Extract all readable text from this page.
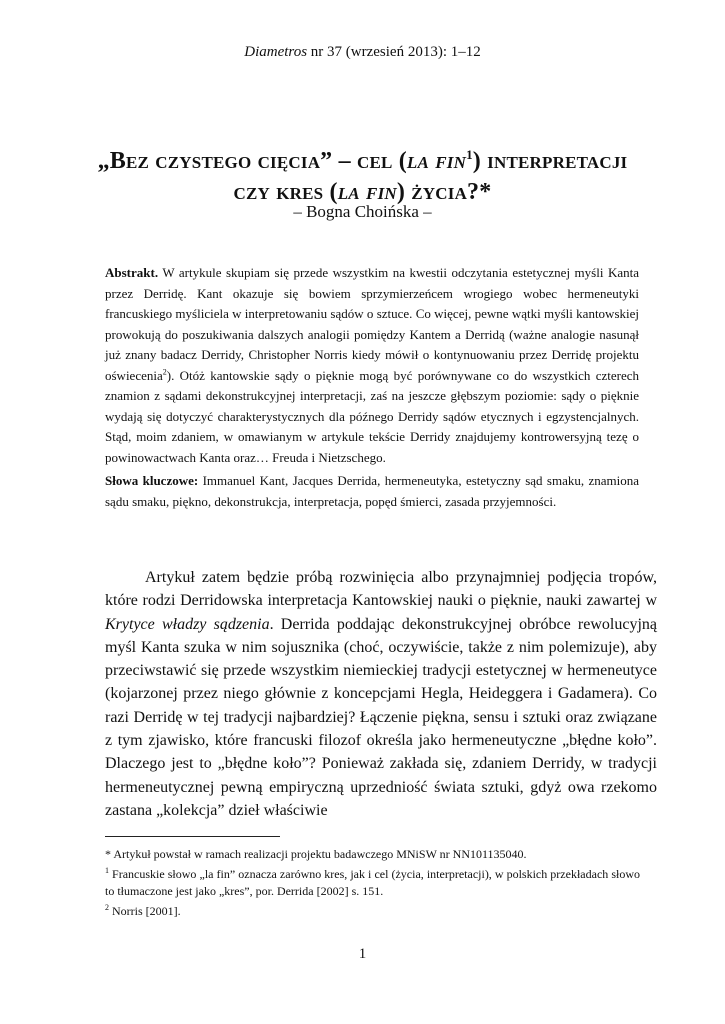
Diametros nr 37 (wrzesień 2013): 1–12
„Bez czystego cięcia” – cel (la fin$^1$) interpretacji
czy kres (la fin) życia?*
– Bogna Choińska –

Abstrakt. W artykule skupiam się przede wszystkim na kwestii odczytania estetycznej myśli Kanta przez Derridę. Kant okazuje się bowiem sprzymierzeńcem wrogiego wobec hermeneutyki francuskiego myśliciela w interpretowaniu sądów o sztuce. Co więcej, pewne wątki myśli kantowskiej prowokują do poszukiwania dalszych analogii pomiędzy Kantem a Derridą (ważne analogie nasunął już znany badacz Derridy, Christopher Norris kiedy mówił o kontynuowaniu przez Derridę projektu oświecenia$^2$). Otóż kantowskie sądy o pięknie mogą być porównywane co do wszystkich czterech znamion z sądami dekonstrukcyjnej interpretacji, zaś na jeszcze głębszym poziomie: sądy o pięknie wydają się dotyczyć charakterystycznych dla późnego Derridy sądów etycznych i egzystencjalnych. Stąd, moim zdaniem, w omawianym w artykule tekście Derridy znajdujemy kontrowersyjną tezę o powinowactwach Kanta oraz… Freuda i Nietzschego.

Słowa kluczowe: Immanuel Kant, Jacques Derrida, hermeneutyka, estetyczny sąd smaku, znamiona sądu smaku, piękno, dekonstrukcja, interpretacja, popęd śmierci, zasada przyjemności.

Artykuł zatem będzie próbą rozwinięcia albo przynajmniej podjęcia tropów, które rodzi Derridowska interpretacja Kantowskiej nauki o pięknie, nauki zawartej w Krytyce władzy sądzenia. Derrida poddając dekonstrukcyjnej obróbce rewolucyjną myśl Kanta szuka w nim sojusznika (choć, oczywiście, także z nim polemizuje), aby przeciwstawić się przede wszystkim niemieckiej tradycji estetycznej w hermeneutyce (kojarzonej przez niego głównie z koncepcjami Hegla, Heideggera i Gadamera). Co razi Derridę w tej tradycji najbardziej? Łączenie piękna, sensu i sztuki oraz związane z tym zjawisko, które francuski filozof określa jako hermeneutyczne „błędne koło”. Dlaczego jest to „błędne koło”? Ponieważ zakłada się, zdaniem Derridy, w tradycji hermeneutycznej pewną empiryczną uprzedniość świata sztuki, gdyż owa rzekomo zastana „kolekcja” dzieł właściwie

* Artykuł powstał w ramach realizacji projektu badawczego MNiSW nr NN101135040.

$^1$ Francuskie słowo „la fin” oznacza zarówno kres, jak i cel (życia, interpretacji), w polskich przekładach słowo to tłumaczone jest jako „kres”, por. Derrida [2002] s. 151.

$^2$ Norris [2001].

1
